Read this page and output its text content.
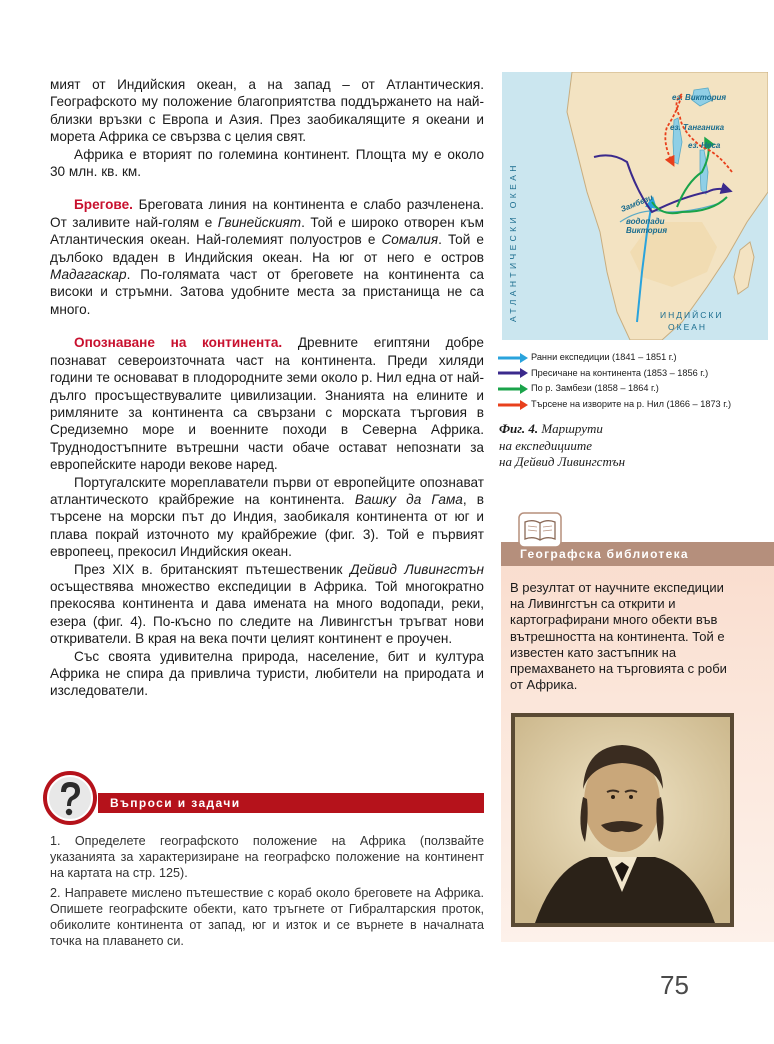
мият от Индийския океан, а на запад – от Атлантическия. Географското му положение благоприятства поддържането на най-близки връзки с Европа и Азия. През заобикалящите я океани и морета Африка се свързва с целия свят.

Африка е вторият по големина континент. Площта му е около 30 млн. кв. км.

Брегове. Бреговата линия на континента е слабо разчленена. От заливите най-голям е Гвинейският. Той е широко отворен към Атлантическия океан. Най-големият полуостров е Сомалия. Той е дълбоко вдаден в Индийския океан. На юг от него е остров Мадагаскар. По-голямата част от бреговете на континента са високи и стръмни. Затова удобните места за пристанища не са много.

Опознаване на континента. Древните египтяни добре познават североизточната част на континента. Преди хиляди години те основават в плодородните земи около р. Нил една от най-дълго просъществувалите цивилизации. Знанията на елините и римляните за континента са свързани с морската търговия в Средиземно море и военните походи в Северна Африка. Труднодостъпните вътрешни части обаче остават непознати за европейските народи векове наред.

Португалските мореплаватели първи от европейците опознават атлантическото крайбрежие на континента. Вашку да Гама, в търсене на морски път до Индия, заобикаля континента от юг и плава покрай източното му крайбрежие (фиг. 3). Той е първият европеец, прекосил Индийския океан.

През XIX в. британският пътешественик Дейвид Ливингстън осъществява множество експедиции в Африка. Той многократно прекосява континента и дава имената на много водопади, реки, езера (фиг. 4). По-късно по следите на Ливингстън тръгват нови откриватели. В края на века почти целият континент е проучен.

Със своята удивителна природа, население, бит и култура Африка не спира да привлича туристи, любители на природата и изследователи.

ез. Виктория
ез. Танганика
ез. Няса
Замбези
водопади
Виктория
АТЛАНТИЧЕСКИ ОКЕАН	ИНДИЙСКИ
ОКЕАН
Ранни експедиции (1841 – 1851 г.)
Пресичане на континента (1853 – 1856 г.)
По р. Замбези (1858 – 1864 г.)
Търсене на изворите на р. Нил (1866 – 1873 г.)
Фиг. 4. Маршрути
на експедициите
на Дейвид Ливингстън
Географска библиотека
В резултат от научните експедиции на Ливингстън са открити и картографирани много обекти във вътрешността на континента. Той е известен като застъпник на премахването на търговията с роби от Африка.
Въпроси и задачи

1. Определете географското положение на Африка (ползвайте указанията за характеризиране на географско положение на континент на картата на стр. 125).

2. Направете мислено пътешествие с кораб около бреговете на Африка. Опишете географските обекти, като тръгнете от Гибралтарския проток, обиколите континента от запад, юг и изток и се върнете в началната точка на плаването си.

75
